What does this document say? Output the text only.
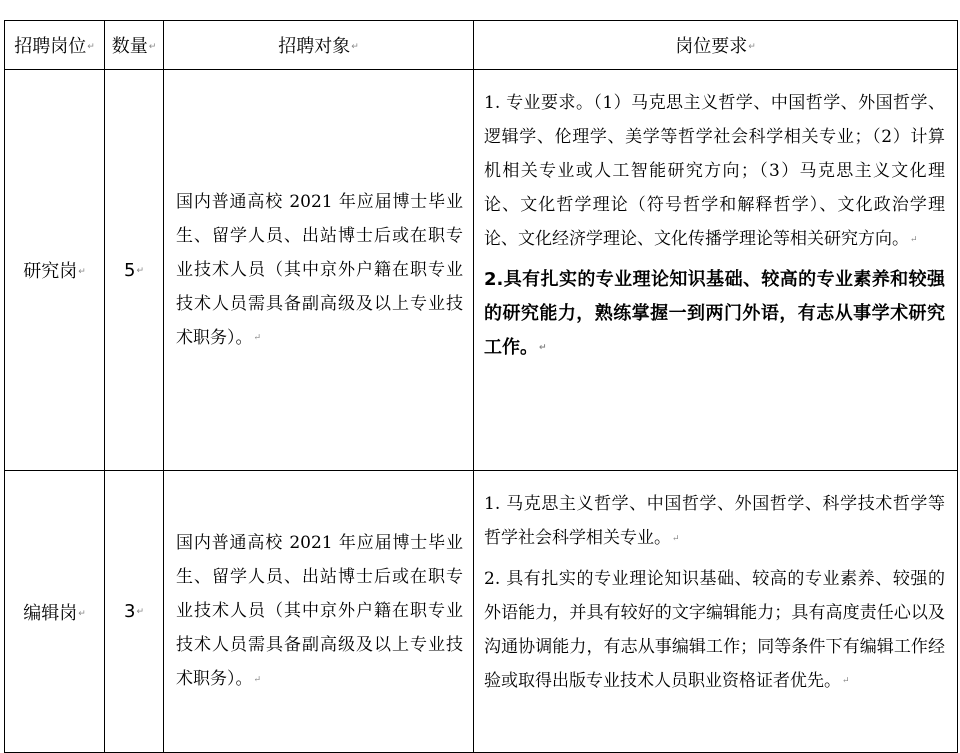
招聘岗位↵	数量↵	招聘对象↵	岗位要求↵
研究岗↵	5↵	国内普通高校 2021 年应届博士毕业生、留学人员、出站博士后或在职专业技术人员（其中京外户籍在职专业技术人员需具备副高级及以上专业技术职务）。↵	1. 专业要求。（1）马克思主义哲学、中国哲学、外国哲学、逻辑学、伦理学、美学等哲学社会科学相关专业；（2）计算机相关专业或人工智能研究方向；（3）马克思主义文化理论、文化哲学理论（符号哲学和解释哲学）、文化政治学理论、文化经济学理论、文化传播学理论等相关研究方向。↵

2.具有扎实的专业理论知识基础、较高的专业素养和较强的研究能力，熟练掌握一到两门外语，有志从事学术研究工作。↵

编辑岗↵	3↵	国内普通高校 2021 年应届博士毕业生、留学人员、出站博士后或在职专业技术人员（其中京外户籍在职专业技术人员需具备副高级及以上专业技术职务）。↵	1. 马克思主义哲学、中国哲学、外国哲学、科学技术哲学等哲学社会科学相关专业。↵

2. 具有扎实的专业理论知识基础、较高的专业素养、较强的外语能力，并具有较好的文字编辑能力；具有高度责任心以及沟通协调能力，有志从事编辑工作；同等条件下有编辑工作经验或取得出版专业技术人员职业资格证者优先。↵
